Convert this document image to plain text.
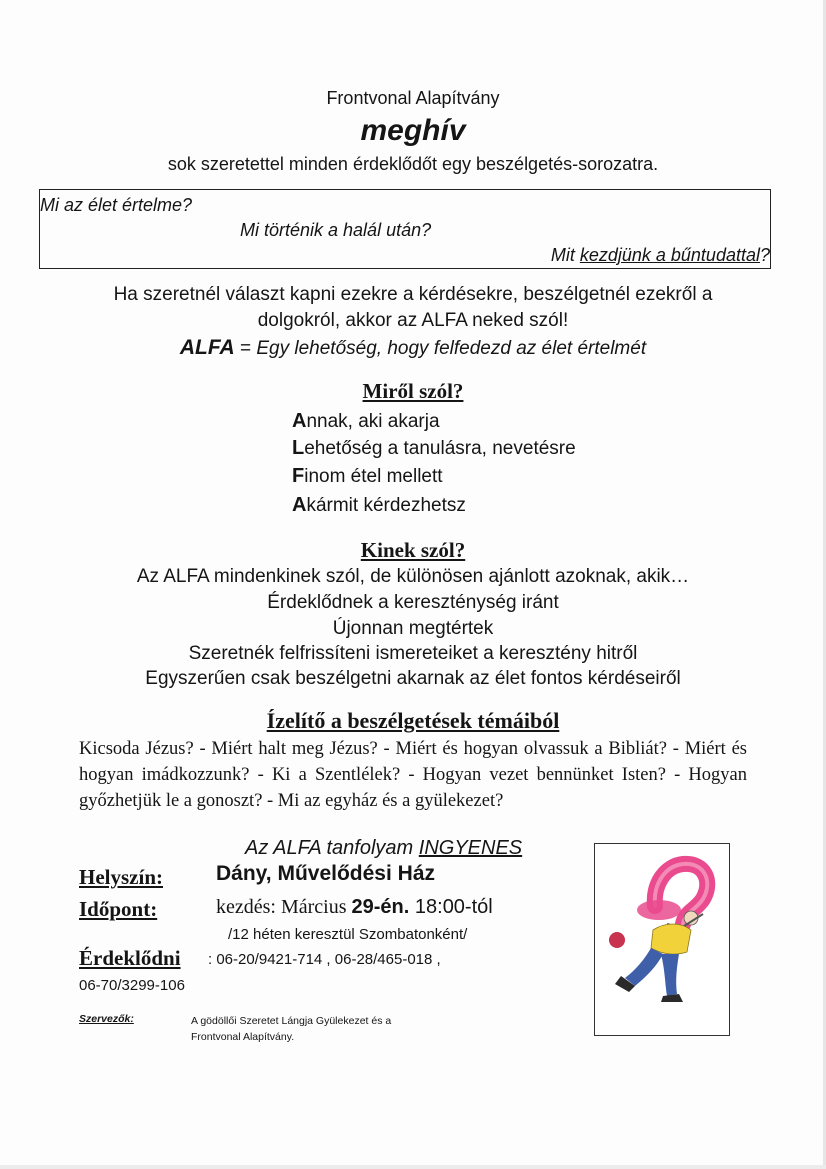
Frontvonal Alapítvány
meghív
sok szeretettel minden érdeklődőt egy beszélgetés-sorozatra.
Mi az élet értelme?
Mi történik a halál után?
Mit kezdjünk a bűntudattal?
Ha szeretnél választ kapni ezekre a kérdésekre, beszélgetnél ezekről a
dolgokról, akkor az ALFA neked szól!
ALFA = Egy lehetőség, hogy felfedezd az élet értelmét
Miről szól?
Annak, aki akarja
Lehetőség a tanulásra, nevetésre
Finom étel mellett
Akármit kérdezhetsz
Kinek szól?
Az ALFA mindenkinek szól, de különösen ajánlott azoknak, akik…
Érdeklődnek a kereszténység iránt
Újonnan megtértek
Szeretnék felfrissíteni ismereteiket a keresztény hitről
Egyszerűen csak beszélgetni akarnak az élet fontos kérdéseiről
Ízelítő a beszélgetések témáiból
Kicsoda Jézus? - Miért halt meg Jézus? - Miért és hogyan olvassuk a Bibliát? - Miért és hogyan imádkozzunk? - Ki a Szentlélek? - Hogyan vezet bennünket Isten? - Hogyan győzhetjük le a gonoszt? - Mi az egyház és a gyülekezet?
Az ALFA tanfolyam INGYENES
Helyszín:	Dány, Művelődési Ház
Időpont:	kezdés: Március 29-én. 18:00-tól
/12 héten keresztül Szombatonként/
Érdeklődni : 06-20/9421-714 , 06-28/465-018 ,
06-70/3299-106
Szervezők:	A gödöllői Szeretet Lángja Gyülekezet és a
Frontvonal Alapítvány.
